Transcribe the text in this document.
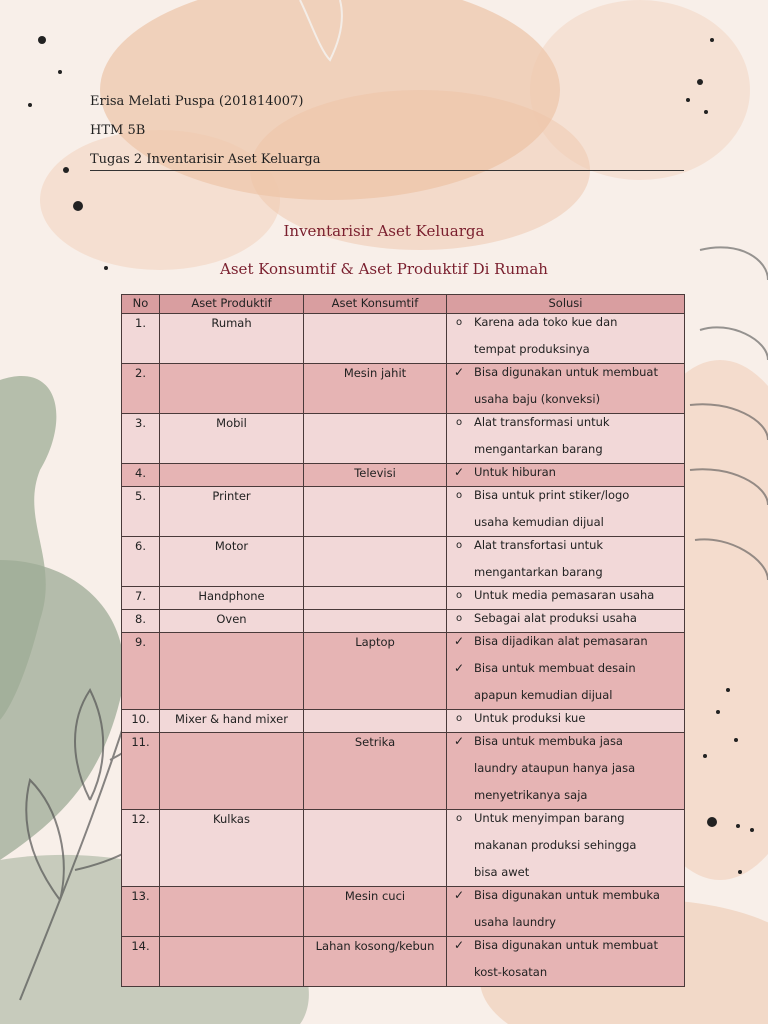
Erisa Melati Puspa (201814007)
HTM 5B
Tugas 2 Inventarisir Aset Keluarga
Inventarisir Aset Keluarga
Aset Konsumtif & Aset Produktif Di Rumah
No	Aset Produktif	Aset Konsumtif	Solusi

1.	Rumah		o Karena ada toko kue dan
tempat produksinya

2.		Mesin jahit	✓ Bisa digunakan untuk membuat
usaha baju (konveksi)

3.	Mobil		o Alat transformasi untuk
mengantarkan barang

4.		Televisi	✓ Untuk hiburan

5.	Printer		o Bisa untuk print stiker/logo
usaha kemudian dijual

6.	Motor		o Alat transfortasi untuk
mengantarkan barang

7.	Handphone		o Untuk media pemasaran usaha

8.	Oven		o Sebagai alat produksi usaha

9.		Laptop	✓ Bisa dijadikan alat pemasaran
✓ Bisa untuk membuat desain
apapun kemudian dijual

10.	Mixer & hand mixer		o Untuk produksi kue

11.		Setrika	✓ Bisa untuk membuka jasa
laundry ataupun hanya jasa
menyetrikanya saja

12.	Kulkas		o Untuk menyimpan barang
makanan produksi sehingga
bisa awet

13.		Mesin cuci	✓ Bisa digunakan untuk membuka
usaha laundry

14.		Lahan kosong/kebun	✓ Bisa digunakan untuk membuat
kost-kosatan
